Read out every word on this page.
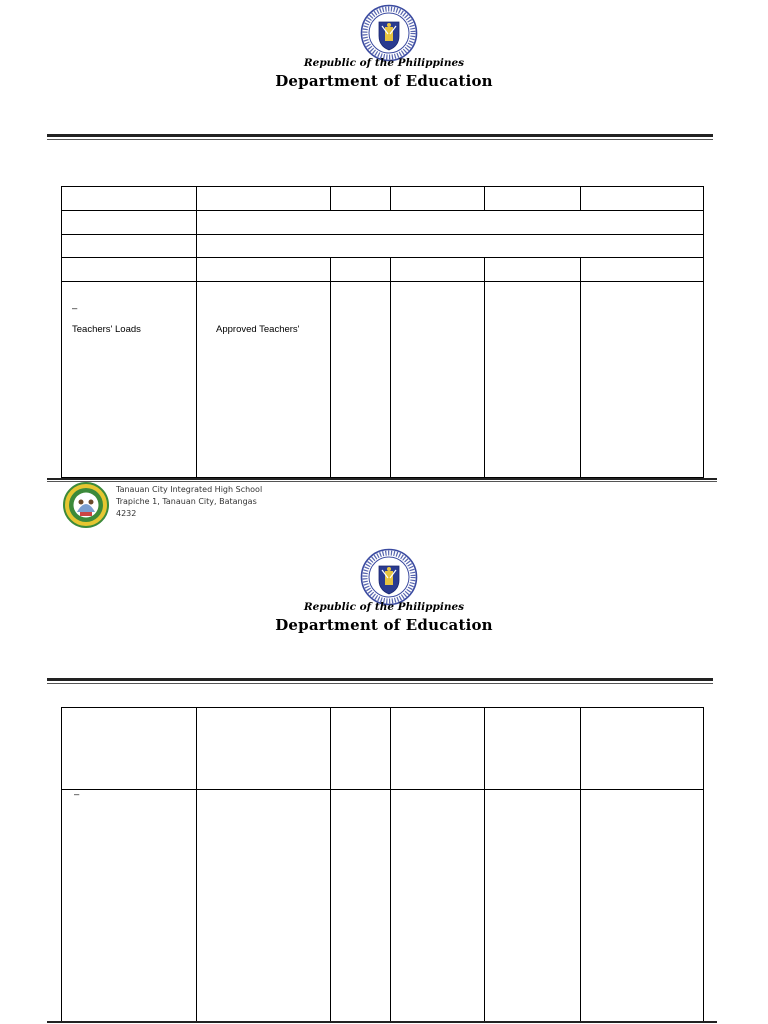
Republic of the Philippines
Department of Education

–
Teachers' Loads	Approved Teachers'				

Tanauan City Integrated High School
Trapiche 1, Tanauan City, Batangas
4232
Republic of the Philippines
Department of Education

–					
